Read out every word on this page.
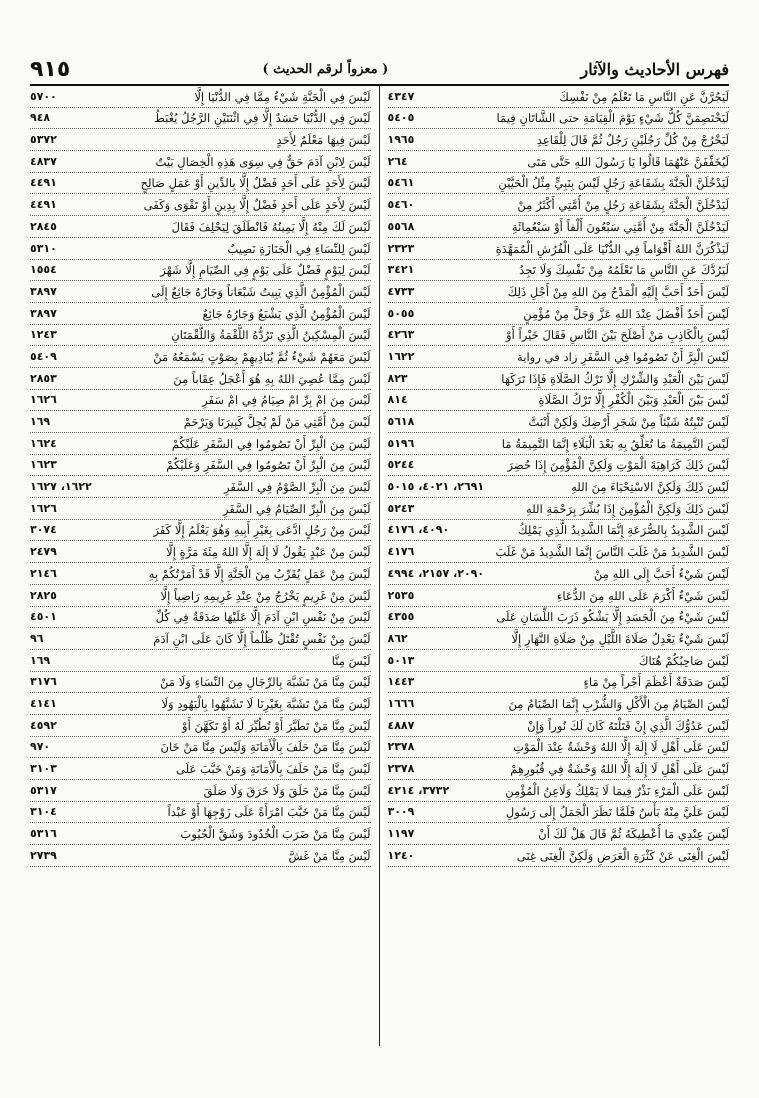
٩١٥	( معزواً لرقم الحديث )	فهرس الأحاديث والآثار
٥٧٠٠	لَيْسَ فِي الْجَنَّةِ شَيْءٌ مِمَّا فِي الدُّنْيَا إِلَّا
٩٤٨	لَيْسَ فِي الدُّنْيَا حَسَدٌ إِلَّا فِي اثْنَتَيْنِ الرَّجُلُ يُغْبَطُ
٥٣٧٢	لَيْسَ فِيهَا مَعْلَمٌ لِأَحَدٍ
٤٨٣٧	لَيْسَ لِابْنِ آدَمَ حَقٌّ فِي سِوَى هَذِهِ الْخِصَالِ بَيْتٌ
٤٤٩١	لَيْسَ لِأَحَدٍ عَلَى أَحَدٍ فَضْلٌ إِلَّا بِالدِّينِ أَوْ عَمَلٍ صَالِحٍ
٤٤٩١	لَيْسَ لِأَحَدٍ عَلَى أَحَدٍ فَضْلٌ إِلَّا بِدِينٍ أَوْ تَقْوَى وَكَفَى
٢٨٤٥	لَيْسَ لَكَ مِنْهُ إِلَّا يَمِينُهُ فَانْطَلَقَ لِيَحْلِفَ فَقَالَ
٥٣١٠	لَيْسَ لِلنِّسَاءِ فِي الْجَنَازَةِ نَصِيبٌ
١٥٥٤	لَيْسَ لِيَوْمٍ فَضْلٌ عَلَى يَوْمٍ فِي الصِّيَامِ إِلَّا شَهْرَ
٣٨٩٧	لَيْسَ الْمُؤْمِنُ الَّذِي يَبِيتُ شَبْعَاناً وَجَارُهُ جَائِعٌ إِلَى
٣٨٩٧	لَيْسَ الْمُؤْمِنُ الَّذِي يَشْبَعُ وَجَارُهُ جَائِعٌ
١٢٤٣	لَيْسَ الْمِسْكِينُ الَّذِي تَرُدُّهُ اللُّقْمَةُ وَاللُّقْمَتَانِ
٥٤٠٩	لَيْسَ مَعَهُمْ شَيْءٌ ثُمَّ يُنَادِيهِمْ بِصَوْتٍ يَسْمَعُهُ مَنْ
٢٨٥٣	لَيْسَ مِمَّا عُصِيَ اللهُ بِهِ هُوَ أَعْجَلُ عِقَاباً مِنَ
١٦٢٦	لَيْسَ مِنَ امْ بِرِّ امْ صِيَامُ فِي امْ سَفَرِ
١٦٩	لَيْسَ مِنْ أُمَّتِي مَنْ لَمْ يُجِلَّ كَبِيرَنَا وَيَرْحَمْ
١٦٢٤	لَيْسَ مِنَ الْبِرِّ أَنْ تَصُومُوا فِي السَّفَرِ عَلَيْكُمْ
١٦٢٣	لَيْسَ مِنَ الْبِرِّ أَنْ تَصُومُوا فِي السَّفَرِ وَعَلَيْكُمْ
١٦٢٢، ١٦٢٧	لَيْسَ مِنَ الْبِرِّ الصَّوْمُ فِي السَّفَرِ
١٦٢٦	لَيْسَ مِنَ الْبِرِّ الصِّيَامُ فِي السَّفَرِ
٣٠٧٤	لَيْسَ مِنْ رَجُلٍ ادَّعَى بِغَيْرِ أَبِيهِ وَهُوَ يَعْلَمُ إِلَّا كَفَرَ
٢٤٧٩	لَيْسَ مِنْ عَبْدٍ يَقُولُ لَا إِلَهَ إِلَّا اللهُ مِئَةَ مَرَّةٍ إِلَّا
٢١٤٦	لَيْسَ مِنْ عَمَلٍ يُقَرِّبُ مِنَ الْجَنَّةِ إِلَّا قَدْ أَمَرْتُكُمْ بِهِ
٢٨٢٥	لَيْسَ مِنْ غَرِيمٍ يَخْرُجُ مِنْ عِنْدِ غَرِيمِهِ رَاضِياً إِلَّا
٤٥٠١	لَيْسَ مِنْ نَفْسِ ابْنِ آدَمَ إِلَّا عَلَيْهَا صَدَقَةٌ فِي كُلِّ
٩٦	لَيْسَ مِنْ نَفْسٍ تُقْتَلُ ظُلْماً إِلَّا كَانَ عَلَى ابْنِ آدَمَ
١٦٩	لَيْسَ مِنَّا
٣١٧٦	لَيْسَ مِنَّا مَنْ تَشَبَّهَ بِالرِّجَالِ مِنَ النِّسَاءِ وَلَا مَنْ
٤١٤١	لَيْسَ مِنَّا مَنْ تَشَبَّهَ بِغَيْرِنَا لَا تَشَبَّهُوا بِالْيَهُودِ وَلَا
٤٥٩٢	لَيْسَ مِنَّا مَنْ تَطَيَّرَ أَوْ تُطُيِّرَ لَهُ أَوْ تَكَهَّنَ أَوْ
٩٧٠	لَيْسَ مِنَّا مَنْ حَلَفَ بِالْأَمَانَةِ وَلَيْسَ مِنَّا مَنْ خَانَ
٣١٠٣	لَيْسَ مِنَّا مَنْ حَلَفَ بِالْأَمَانَةِ وَمَنْ خَبَّبَ عَلَى
٥٣١٧	لَيْسَ مِنَّا مَنْ حَلَقَ وَلَا خَرَقَ وَلَا صَلَقَ
٣١٠٤	لَيْسَ مِنَّا مَنْ خَبَّبَ امْرَأَةً عَلَى زَوْجِهَا أَوْ عَبْداً
٥٣١٦	لَيْسَ مِنَّا مَنْ ضَرَبَ الْخُدُودَ وَشَقَّ الْجُيُوبَ
٢٧٣٩	لَيْسَ مِنَّا مَنْ غَشَّ
٤٣٤٧	لَيَجُرَّنَّ عَنِ النَّاسِ مَا تَعْلَمُ مِنْ نَفْسِكَ
٥٤٠٥	لَيَخْتَصِمَنَّ كُلُّ شَيْءٍ يَوْمَ الْقِيَامَةِ حتى الشَّاتَانِ فِيمَا
١٩٦٥	لَيَخْرُجْ مِنْ كُلِّ رَجُلَيْنِ رَجُلٌ ثُمَّ قَالَ لِلْقَاعِدِ
٢٦٤	لَيُخَفِّفَنَّ عَنْهُمَا قَالُوا يَا رَسُولَ اللهِ حَتَّى مَتَى
٥٤٦١	لَيَدْخُلَنَّ الْجَنَّةَ بِشَفَاعَةِ رَجُلٍ لَيْسَ بِنَبِيٍّ مِثْلُ الْحَيَّيْنِ
٥٤٦٠	لَيَدْخُلَنَّ الْجَنَّةَ بِشَفَاعَةِ رَجُلٍ مِنْ أُمَّتِي أَكْثَرُ مِنْ
٥٥٦٨	لَيَدْخُلَنَّ الْجَنَّةَ مِنْ أُمَّتِي سَبْعُونَ أَلْفاً أَوْ سَبْعُمِائَةِ
٢٣٢٣	لَيَذْكُرَنَّ اللهُ أَقْوَاماً فِي الدُّنْيَا عَلَى الْفُرُشِ الْمُمَهَّدَةِ
٣٤٢١	لَيَرُدَّكَ عَنِ النَّاسِ مَا تَعْلَمُهُ مِنْ نَفْسِكَ وَلَا تَجِدُ
٤٧٣٣	لَيْسَ أَحَدٌ أَحَبَّ إِلَيْهِ الْمَدْحُ مِنَ اللهِ مِنْ أَجْلِ ذَلِكَ
٥٠٥٥	لَيْسَ أَحَدٌ أَفْضَلَ عِنْدَ اللهِ عَزَّ وَجَلَّ مِنْ مُؤْمِنٍ
٤٢٦٣	لَيْسَ بِالْكَاذِبِ مَنْ أَصْلَحَ بَيْنَ النَّاسِ فَقَالَ خَيْراً أَوْ
١٦٢٢	لَيْسَ الْبِرَّ أَنْ تَصُومُوا فِي السَّفَرِ زاد في رواية
٨٢٣	لَيْسَ بَيْنَ الْعَبْدِ وَالشِّرْكِ إِلَّا تَرْكُ الصَّلَاةِ فَإِذَا تَرَكَهَا
٨١٤	لَيْسَ بَيْنَ الْعَبْدِ وَبَيْنَ الْكُفْرِ إِلَّا تَرْكُ الصَّلَاةِ
٥٦١٨	لَيْسَ تُنْبِتُهُ شَيْئاً مِنْ شَجَرِ أَرْضِكَ وَلَكِنْ أَنْبَتَّ
٥١٩٦	لَيْسَ التَّمِيمَةُ مَا تُعَلِّقُ بِهِ بَعْدَ الْبَلَاءِ إِنَّمَا التَّمِيمَةُ مَا
٥٢٤٤	لَيْسَ ذَلِكَ كَرَاهِيَةَ الْمَوْتِ وَلَكِنَّ الْمُؤْمِنَ إِذَا حُضِرَ
٢٦٩١، ٤٠٢١، ٥٠١٥	لَيْسَ ذَلِكَ وَلَكِنَّ الاسْتِحْيَاءَ مِنَ اللهِ
٥٢٤٣	لَيْسَ ذَلِكَ وَلَكِنَّ الْمُؤْمِنَ إِذَا بُشِّرَ بِرَحْمَةِ اللهِ
٤٠٩٠، ٤١٧٦	لَيْسَ الشَّدِيدُ بِالصُّرَعَةِ إِنَّمَا الشَّدِيدُ الَّذِي يَمْلِكُ
٤١٧٦	لَيْسَ الشَّدِيدُ مَنْ غَلَبَ النَّاسَ إِنَّمَا الشَّدِيدُ مَنْ غَلَبَ
٢٠٩٠، ٢١٥٧، ٤٩٩٤	لَيْسَ شَيْءٌ أَحَبَّ إِلَى اللهِ مِنْ
٢٥٣٥	لَيْسَ شَيْءٌ أَكْرَمَ عَلَى اللهِ مِنَ الدُّعَاءِ
٤٣٥٥	لَيْسَ شَيْءٌ مِنَ الْجَسَدِ إِلَّا يَشْكُو ذَرَبَ اللِّسَانِ عَلَى
٨٦٢	لَيْسَ شَيْءٌ يَعْدِلُ صَلَاةَ اللَّيْلِ مِنْ صَلَاةِ النَّهَارِ إِلَّا
٥٠١٣	لَيْسَ صَاحِبُكُمْ هُنَاكَ
١٤٤٣	لَيْسَ صَدَقَةٌ أَعْظَمَ أَجْراً مِنْ مَاءٍ
١٦٦٦	لَيْسَ الصِّيَامُ مِنَ الْأَكْلِ وَالشُّرْبِ إِنَّمَا الصِّيَامُ مِنَ
٤٨٨٧	لَيْسَ عَدُوُّكَ الَّذِي إِنْ قَتَلْتَهُ كَانَ لَكَ نُوراً وَإِنْ
٢٣٧٨	لَيْسَ عَلَى أَهْلِ لَا إِلَهَ إِلَّا اللهُ وَحْشَةٌ عِنْدَ الْمَوْتِ
٢٣٧٨	لَيْسَ عَلَى أَهْلِ لَا إِلَهَ إِلَّا اللهُ وَحْشَةٌ فِي قُبُورِهِمْ
٣٧٣٢، ٤٢١٤	لَيْسَ عَلَى الْمَرْءِ نَذْرٌ فِيمَا لَا يَمْلِكُ وَلَاعِنُ الْمُؤْمِنِ
٣٠٠٩	لَيْسَ عَلَيَّ مِنْهُ بَأْسٌ فَلَمَّا نَظَرَ الْجَمَلُ إِلَى رَسُولِ
١١٩٧	لَيْسَ عِنْدِي مَا أُعْطِيكَهُ ثُمَّ قَالَ هَلْ لَكَ أَنْ
١٢٤٠	لَيْسَ الْغِنَى عَنْ كَثْرَةِ الْعَرَضِ وَلَكِنَّ الْغِنَى غِنَى
